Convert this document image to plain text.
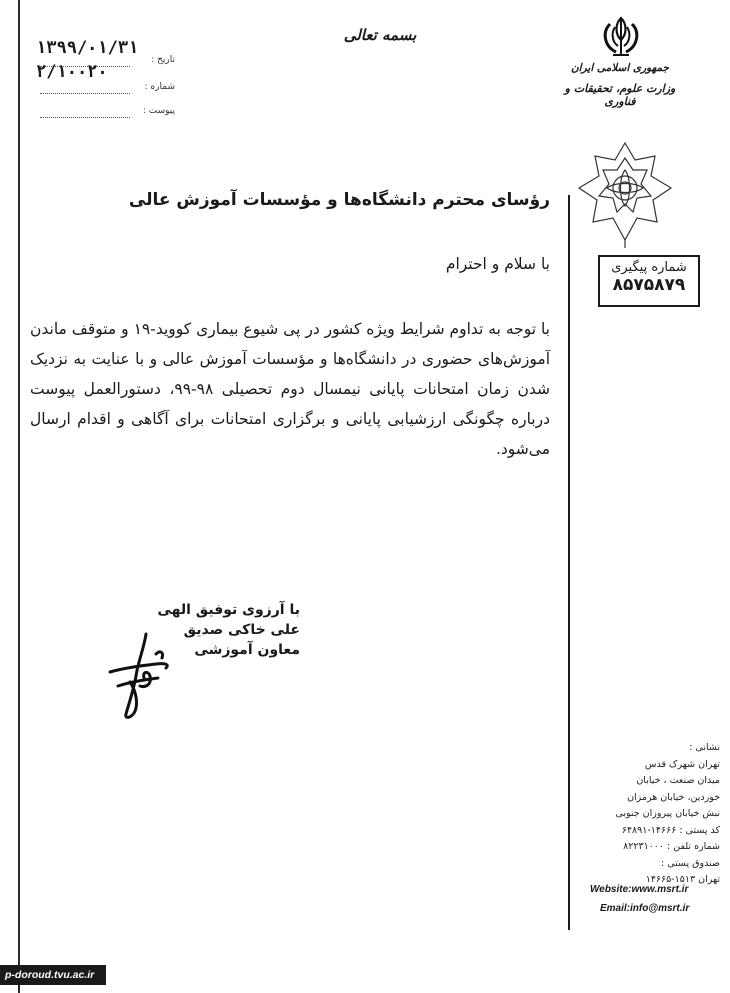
بسمه تعالی
۱۳۹۹/۰۱/۳۱
تاریخ :
۲/۱۰۰۲۰
شماره :
پیوست :
جمهوری اسلامی ایران
وزارت علوم، تحقیقات و فناوری
شماره پیگیری
۸۵۷۵۸۷۹
رؤسای محترم دانشگاه‌ها و مؤسسات آموزش عالی
با سلام و احترام
با توجه به تداوم شرایط ویژه کشور در پی شیوع بیماری کووید-۱۹ و متوقف ماندن آموزش‌های حضوری در دانشگاه‌ها و مؤسسات آموزش عالی و با عنایت به نزدیک شدن زمان امتحانات پایانی نیمسال دوم تحصیلی ۹۸-۹۹، دستورالعمل پیوست درباره چگونگی ارزشیابی پایانی و برگزاری امتحانات برای آگاهی و اقدام ارسال می‌شود.
با آرزوی توفیق الهی
علی خاکی صدیق
معاون آموزشی
نشانی :
تهران شهرک قدس
میدان صنعت ، خیابان
خوردین، خیابان هرمزان
نبش خیابان پیروزان جنوبی
کد پستی : ۱۴۶۶۶-۶۴۸۹۱
شماره تلفن : ۸۲۲۳۱۰۰۰
صندوق پستی :
تهران ۱۵۱۳-۱۴۶۶۵
Website:www.msrt.ir
Email:info@msrt.ir
p-doroud.tvu.ac.ir
